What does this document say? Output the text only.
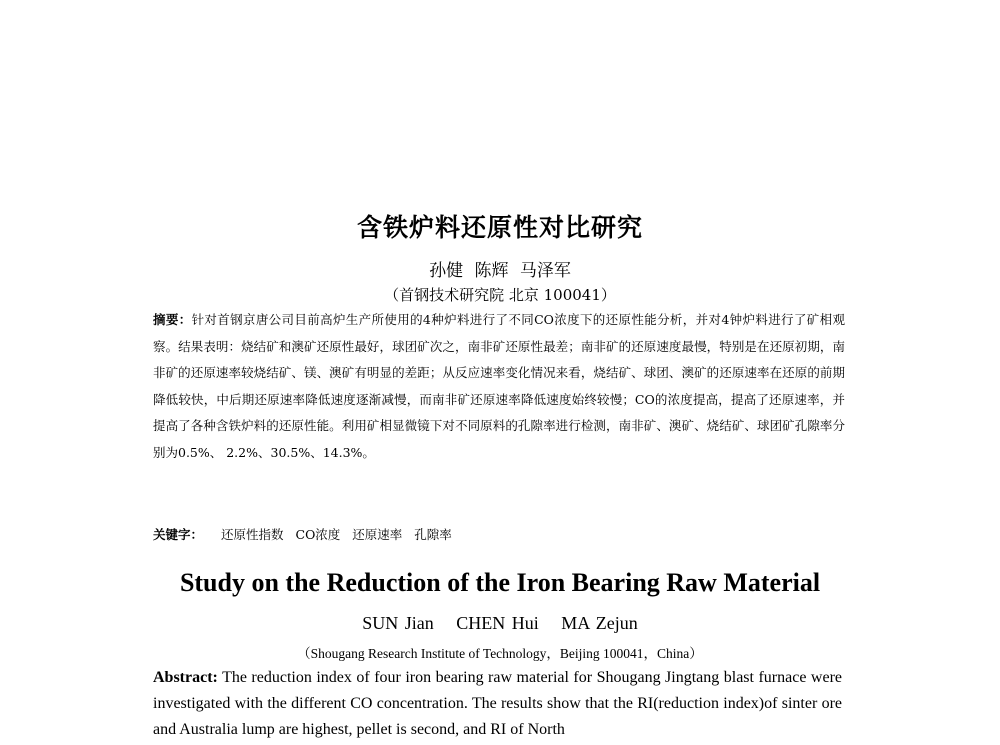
含铁炉料还原性对比研究
孙健 陈辉 马泽军
（首钢技术研究院 北京 100041）
摘要：针对首钢京唐公司目前高炉生产所使用的4种炉料进行了不同CO浓度下的还原性能分析，并对4钟炉料进行了矿相观察。结果表明：烧结矿和澳矿还原性最好，球团矿次之，南非矿还原性最差；南非矿的还原速度最慢，特别是在还原初期，南非矿的还原速率较烧结矿、镁、澳矿有明显的差距；从反应速率变化情况来看，烧结矿、球团、澳矿的还原速率在还原的前期降低较快，中后期还原速率降低速度逐渐减慢，而南非矿还原速率降低速度始终较慢；CO的浓度提高，提高了还原速率，并提高了各种含铁炉料的还原性能。利用矿相显微镜下对不同原料的孔隙率进行检测，南非矿、澳矿、烧结矿、球团矿孔隙率分别为0.5%、 2.2%、30.5%、14.3%。
关键字： 还原性指数 CO浓度 还原速率 孔隙率
Study on the Reduction of the Iron Bearing Raw Material
SUN Jian CHEN Hui MA Zejun
（Shougang Research Institute of Technology，Beijing 100041，China）
Abstract: The reduction index of four iron bearing raw material for Shougang Jingtang blast furnace were investigated with the different CO concentration. The results show that the RI(reduction index)of sinter ore and Australia lump are highest, pellet is second, and RI of North
